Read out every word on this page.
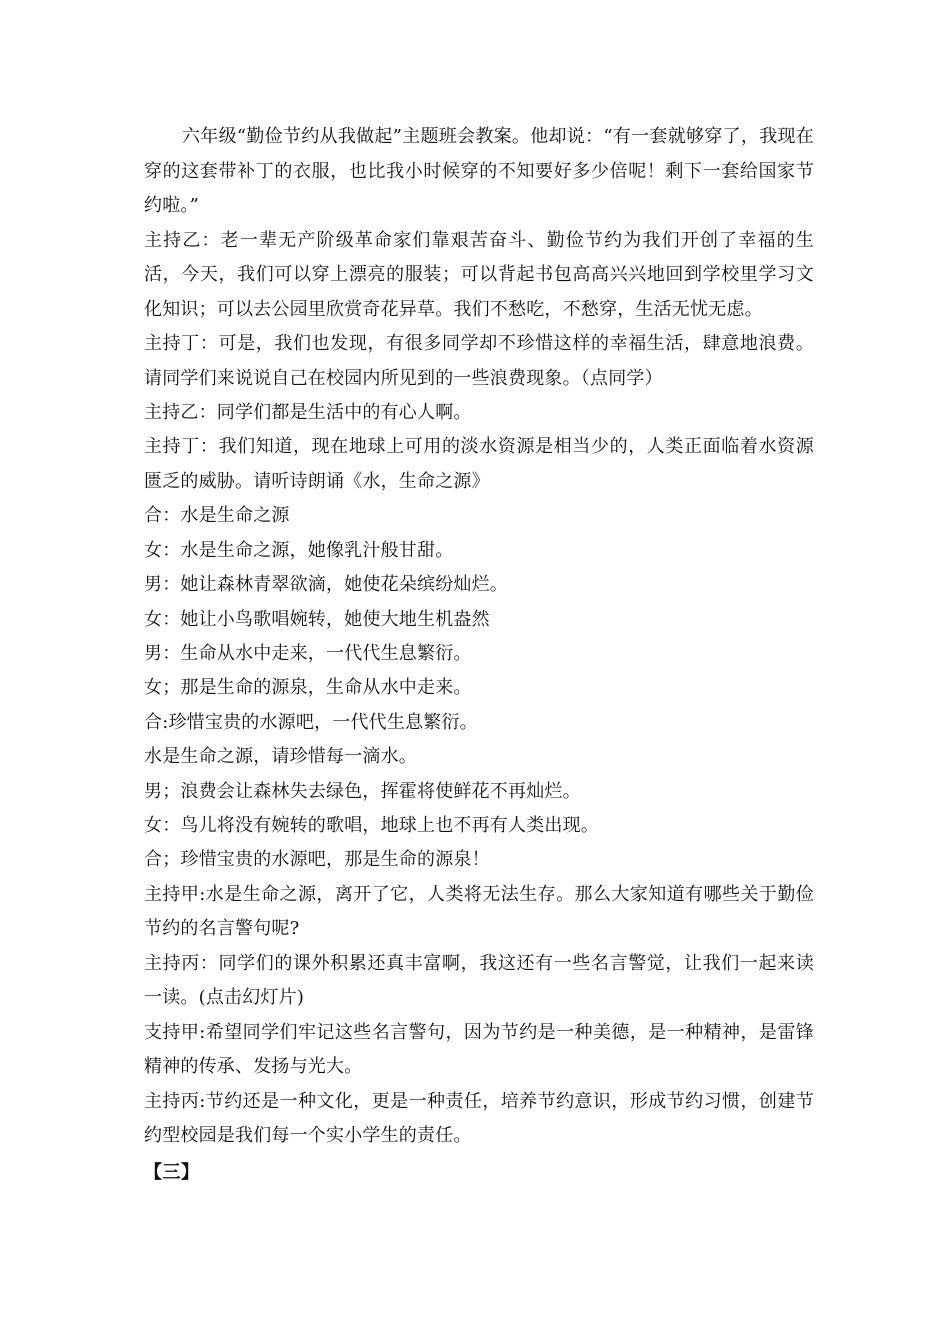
六年级“勤俭节约从我做起”主题班会教案。他却说：“有一套就够穿了，我现在穿的这套带补丁的衣服，也比我小时候穿的不知要好多少倍呢！剩下一套给国家节约啦。”

主持乙：老一辈无产阶级革命家们靠艰苦奋斗、勤俭节约为我们开创了幸福的生活，今天，我们可以穿上漂亮的服装；可以背起书包高高兴兴地回到学校里学习文化知识；可以去公园里欣赏奇花异草。我们不愁吃，不愁穿，生活无忧无虑。

主持丁：可是，我们也发现，有很多同学却不珍惜这样的幸福生活，肆意地浪费。请同学们来说说自己在校园内所见到的一些浪费现象。（点同学）

主持乙：同学们都是生活中的有心人啊。

主持丁：我们知道，现在地球上可用的淡水资源是相当少的，人类正面临着水资源匮乏的威胁。请听诗朗诵《水，生命之源》

合：水是生命之源

女：水是生命之源，她像乳汁般甘甜。

男：她让森林青翠欲滴，她使花朵缤纷灿烂。

女：她让小鸟歌唱婉转，她使大地生机盎然

男：生命从水中走来，一代代生息繁衍。

女；那是生命的源泉，生命从水中走来。

合:珍惜宝贵的水源吧，一代代生息繁衍。

水是生命之源，请珍惜每一滴水。

男；浪费会让森林失去绿色，挥霍将使鲜花不再灿烂。

女：鸟儿将没有婉转的歌唱，地球上也不再有人类出现。

合；珍惜宝贵的水源吧，那是生命的源泉！

主持甲:水是生命之源，离开了它，人类将无法生存。那么大家知道有哪些关于勤俭节约的名言警句呢?

主持丙：同学们的课外积累还真丰富啊，我这还有一些名言警觉，让我们一起来读一读。(点击幻灯片)

支持甲:希望同学们牢记这些名言警句，因为节约是一种美德，是一种精神，是雷锋精神的传承、发扬与光大。

主持丙:节约还是一种文化，更是一种责任，培养节约意识，形成节约习惯，创建节约型校园是我们每一个实小学生的责任。

【三】
